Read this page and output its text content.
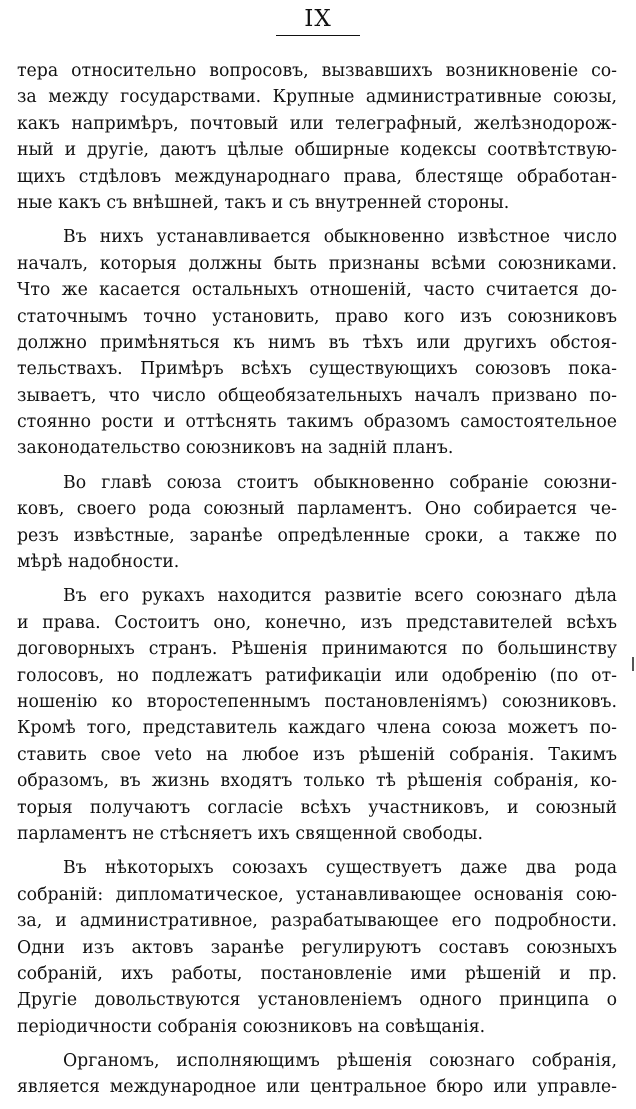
IX
тера относительно вопросовъ, вызвавшихъ возникновеніе со-
за между государствами. Крупные административные союзы,
какъ напримѣръ, почтовый или телеграфный, желѣзнодорож-
ный и другіе, даютъ цѣлые обширные кодексы соотвѣтствую-
щихъ стдѣловъ международнаго права, блестяще обработан-
ные какъ съ внѣшней, такъ и съ внутренней стороны.
Въ нихъ устанавливается обыкновенно извѣстное число
началъ, которыя должны быть признаны всѣми союзниками.
Что же касается остальныхъ отношеній, часто считается до-
статочнымъ точно установить, право кого изъ союзниковъ
должно примѣняться къ нимъ въ тѣхъ или другихъ обстоя-
тельствахъ. Примѣръ всѣхъ существующихъ союзовъ пока-
зываетъ, что число общеобязательныхъ началъ призвано по-
стоянно рости и оттѣснять такимъ образомъ самостоятельное
законодательство союзниковъ на задній планъ.
Во главѣ союза стоитъ обыкновенно собраніе союзни-
ковъ, своего рода союзный парламентъ. Оно собирается че-
резъ извѣстные, заранѣе опредѣленные сроки, а также по
мѣрѣ надобности.
Въ его рукахъ находится развитіе всего союзнаго дѣла
и права. Состоитъ оно, конечно, изъ представителей всѣхъ
договорныхъ странъ. Рѣшенія принимаются по большинству
голосовъ, но подлежатъ ратификаціи или одобренію (по от-
ношенію ко второстепеннымъ постановленіямъ) союзниковъ.
Кромѣ того, представитель каждаго члена союза можетъ по-
ставить свое veto на любое изъ рѣшеній собранія. Такимъ
образомъ, въ жизнь входятъ только тѣ рѣшенія собранія, ко-
торыя получаютъ согласіе всѣхъ участниковъ, и союзный
парламентъ не стѣсняетъ ихъ священной свободы.
Въ нѣкоторыхъ союзахъ существуетъ даже два рода
собраній: дипломатическое, устанавливающее основанія сою-
за, и административное, разрабатывающее его подробности.
Одни изъ актовъ заранѣе регулируютъ составъ союзныхъ
собраній, ихъ работы, постановленіе ими рѣшеній и пр.
Другіе довольствуются установленіемъ одного принципа о
періодичности собранія союзниковъ на совѣщанія.
Органомъ, исполняющимъ рѣшенія союзнаго собранія,
является международное или центральное бюро или управле-
